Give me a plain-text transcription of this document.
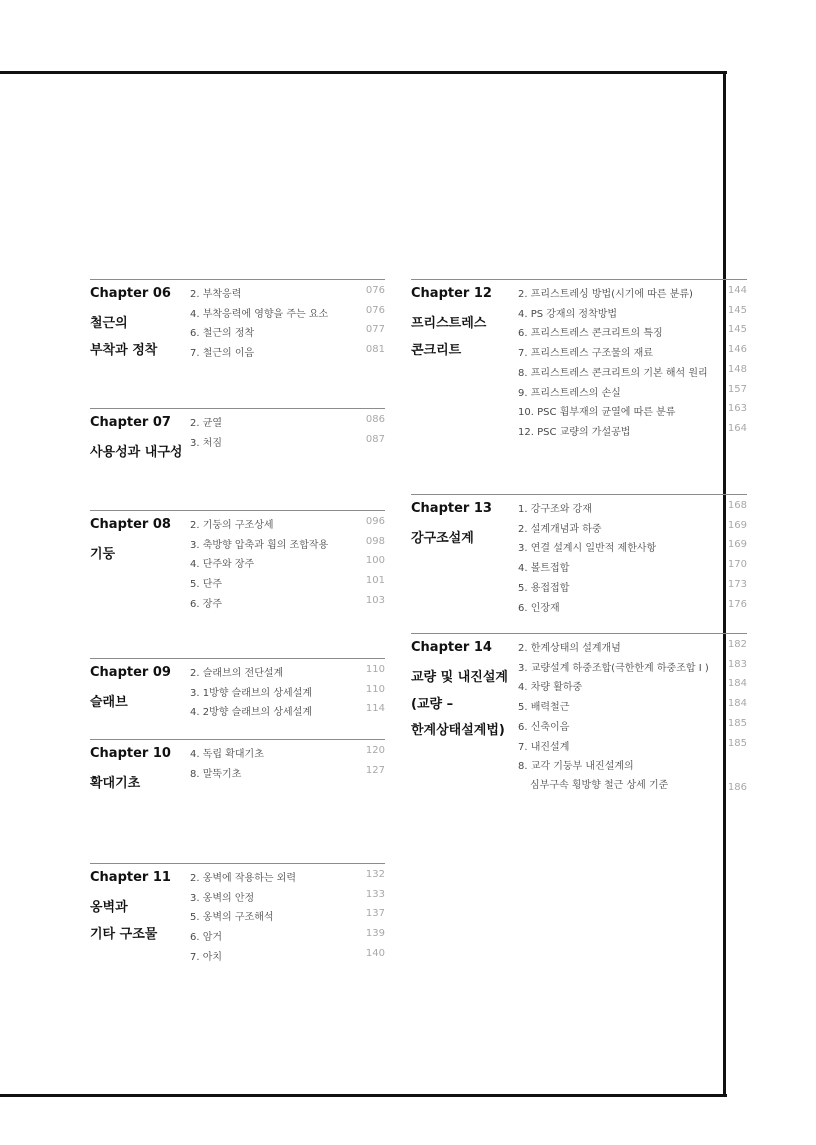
Chapter 06
철근의
부착과 정착
2. 부착응력	076
4. 부착응력에 영향을 주는 요소	076
6. 철근의 정착	077
7. 철근의 이음	081
Chapter 07
사용성과 내구성
2. 균열	086
3. 처짐	087
Chapter 08
기둥
2. 기둥의 구조상세	096
3. 축방향 압축과 휨의 조합작용	098
4. 단주와 장주	100
5. 단주	101
6. 장주	103
Chapter 09
슬래브
2. 슬래브의 전단설계	110
3. 1방향 슬래브의 상세설계	110
4. 2방향 슬래브의 상세설계	114
Chapter 10
확대기초
4. 독립 확대기초	120
8. 말뚝기초	127
Chapter 11
옹벽과
기타 구조물
2. 옹벽에 작용하는 외력	132
3. 옹벽의 안정	133
5. 옹벽의 구조해석	137
6. 암거	139
7. 아치	140
Chapter 12
프리스트레스
콘크리트
2. 프리스트레싱 방법(시기에 따른 분류)	144
4. PS 강재의 정착방법	145
6. 프리스트레스 콘크리트의 특징	145
7. 프리스트레스 구조물의 재료	146
8. 프리스트레스 콘크리트의 기본 해석 원리 148
9. 프리스트레스의 손실	157
10. PSC 휨부재의 균열에 따른 분류	163
12. PSC 교량의 가설공법	164
Chapter 13
강구조설계
1. 강구조와 강재	168
2. 설계개념과 하중	169
3. 연결 설계시 일반적 제한사항	169
4. 볼트접합	170
5. 용접접합	173
6. 인장재	176
Chapter 14
교량 및 내진설계
(교량 –
한계상태설계법)
2. 한계상태의 설계개념	182
3. 교량설계 하중조합(극한한계 하중조합 I ) 183
4. 차량 활하중	184
5. 배력철근	184
6. 신축이음	185
7. 내진설계	185
8. 교각 기둥부 내진설계의
심부구속 횡방향 철근 상세 기준	186
